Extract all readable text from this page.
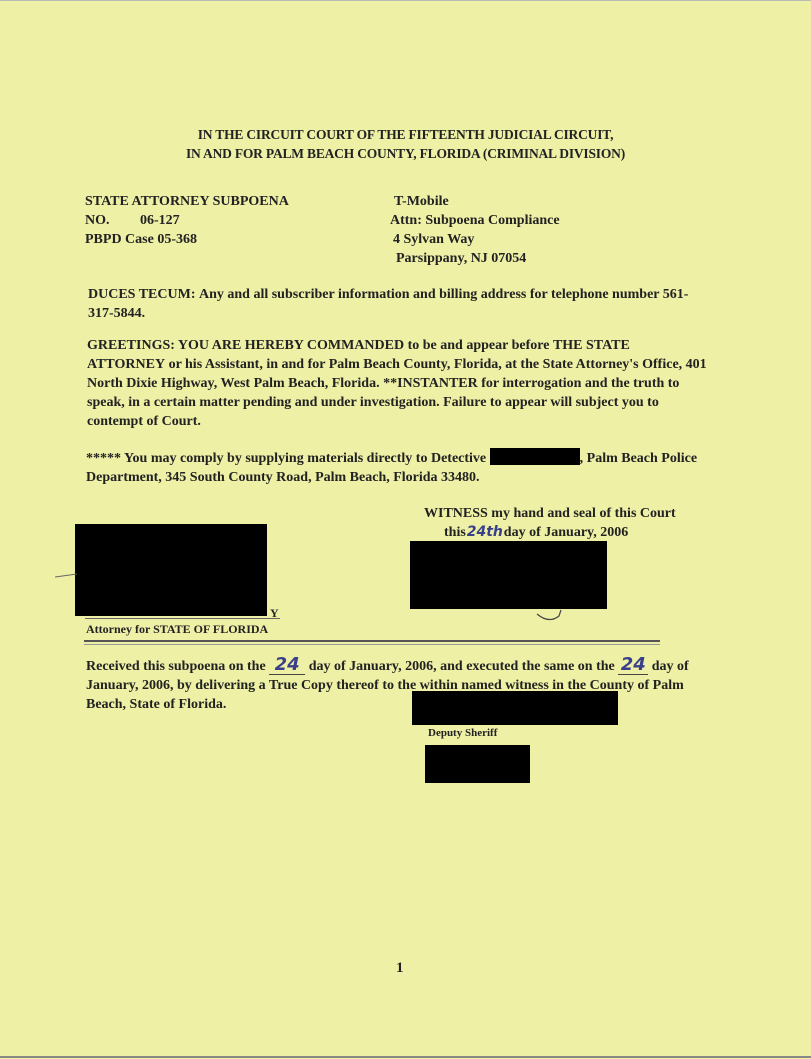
IN THE CIRCUIT COURT OF THE FIFTEENTH JUDICIAL CIRCUIT,
IN AND FOR PALM BEACH COUNTY, FLORIDA (CRIMINAL DIVISION)
STATE ATTORNEY SUBPOENA
NO. 06-127
PBPD Case 05-368
T-Mobile
Attn: Subpoena Compliance
4 Sylvan Way
Parsippany, NJ 07054
DUCES TECUM: Any and all subscriber information and billing address for telephone number 561-317-5844.
GREETINGS: YOU ARE HEREBY COMMANDED to be and appear before THE STATE ATTORNEY or his Assistant, in and for Palm Beach County, Florida, at the State Attorney's Office, 401 North Dixie Highway, West Palm Beach, Florida. **INSTANTER for interrogation and the truth to speak, in a certain matter pending and under investigation. Failure to appear will subject you to contempt of Court.
***** You may comply by supplying materials directly to Detective	, Palm Beach Police Department, 345 South County Road, Palm Beach, Florida 33480.
WITNESS my hand and seal of this Court
this24thday of January, 2006
Y
Attorney for STATE OF FLORIDA
Received this subpoena on the 24 day of January, 2006, and executed the same on the 24 day of January, 2006, by delivering a True Copy thereof to the within named witness in the County of Palm Beach, State of Florida.
Deputy Sheriff
1
